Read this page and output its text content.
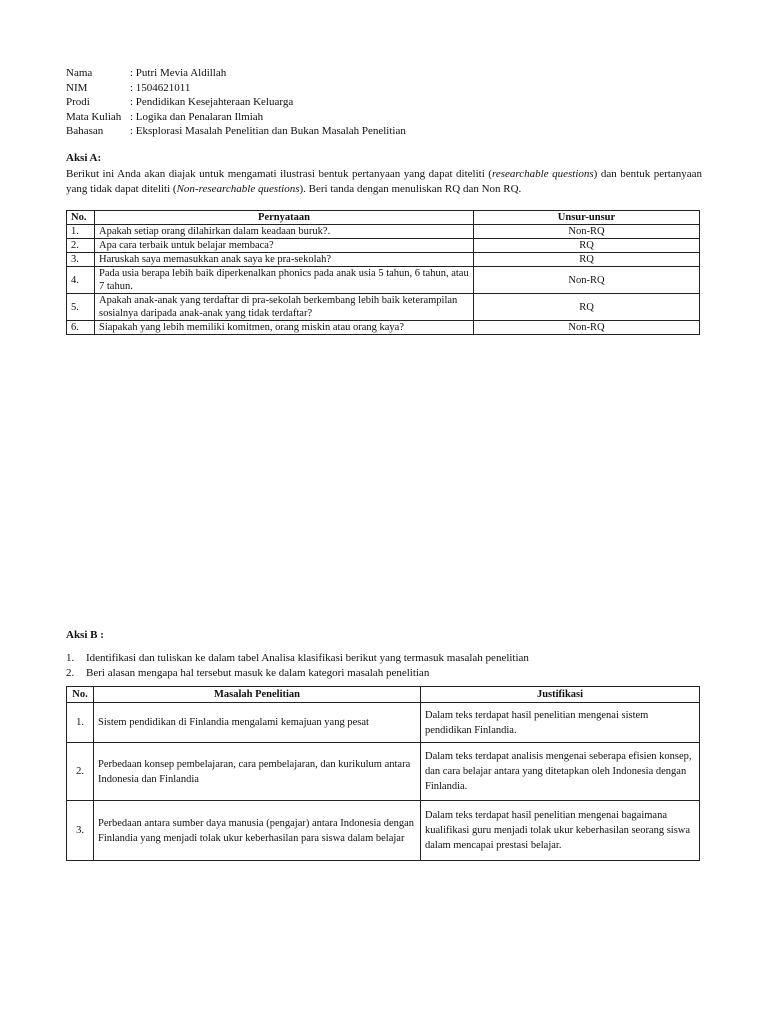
Nama	: Putri Mevia Aldillah
NIM	: 1504621011
Prodi	: Pendidikan Kesejahteraan Keluarga
Mata Kuliah : Logika dan Penalaran Ilmiah
Bahasan	: Eksplorasi Masalah Penelitian dan Bukan Masalah Penelitian
Aksi A:
Berikut ini Anda akan diajak untuk mengamati ilustrasi bentuk pertanyaan yang dapat diteliti (researchable questions) dan bentuk pertanyaan yang tidak dapat diteliti (Non-researchable questions). Beri tanda dengan menuliskan RQ dan Non RQ.
No.	Pernyataan	Unsur-unsur
1.	Apakah setiap orang dilahirkan dalam keadaan buruk?.	Non-RQ
2.	Apa cara terbaik untuk belajar membaca?	RQ
3.	Haruskah saya memasukkan anak saya ke pra-sekolah?	RQ
4.	Pada usia berapa lebih baik diperkenalkan phonics pada anak usia 5 tahun, 6 tahun, atau 7 tahun.	Non-RQ
5.	Apakah anak-anak yang terdaftar di pra-sekolah berkembang lebih baik keterampilan sosialnya daripada anak-anak yang tidak terdaftar?	RQ
6.	Siapakah yang lebih memiliki komitmen, orang miskin atau orang kaya?	Non-RQ
Aksi B :
1.	Identifikasi dan tuliskan ke dalam tabel Analisa klasifikasi berikut yang termasuk masalah penelitian
2.	Beri alasan mengapa hal tersebut masuk ke dalam kategori masalah penelitian
No.	Masalah Penelitian	Justifikasi
1.	Sistem pendidikan di Finlandia mengalami kemajuan yang pesat	Dalam teks terdapat hasil penelitian mengenai sistem pendidikan Finlandia.
2.	Perbedaan konsep pembelajaran, cara pembelajaran, dan kurikulum antara Indonesia dan Finlandia	Dalam teks terdapat analisis mengenai seberapa efisien konsep, dan cara belajar antara yang ditetapkan oleh Indonesia dengan Finlandia.
3.	Perbedaan antara sumber daya manusia (pengajar) antara Indonesia dengan Finlandia yang menjadi tolak ukur keberhasilan para siswa dalam belajar	Dalam teks terdapat hasil penelitian mengenai bagaimana kualifikasi guru menjadi tolak ukur keberhasilan seorang siswa dalam mencapai prestasi belajar.
